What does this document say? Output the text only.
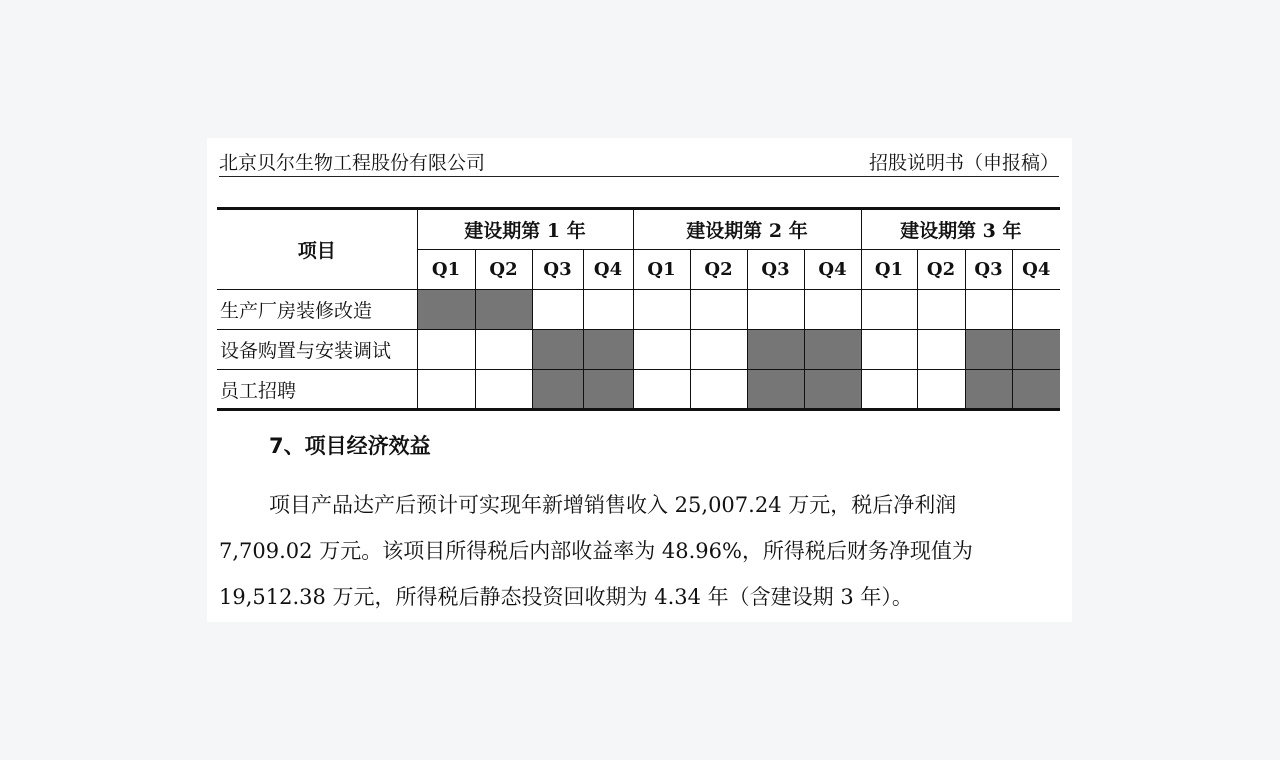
北京贝尔生物工程股份有限公司	招股说明书（申报稿）
项目	建设期第 1 年				建设期第 2 年				建设期第 3 年			
	Q1	Q2	Q3	Q4	Q1	Q2	Q3	Q4	Q1	Q2	Q3	Q4
生产厂房装修改造												
设备购置与安装调试												
员工招聘												
7、项目经济效益

项目产品达产后预计可实现年新增销售收入 25,007.24 万元，税后净利润

7,709.02 万元。该项目所得税后内部收益率为 48.96%，所得税后财务净现值为

19,512.38 万元，所得税后静态投资回收期为 4.34 年（含建设期 3 年）。
